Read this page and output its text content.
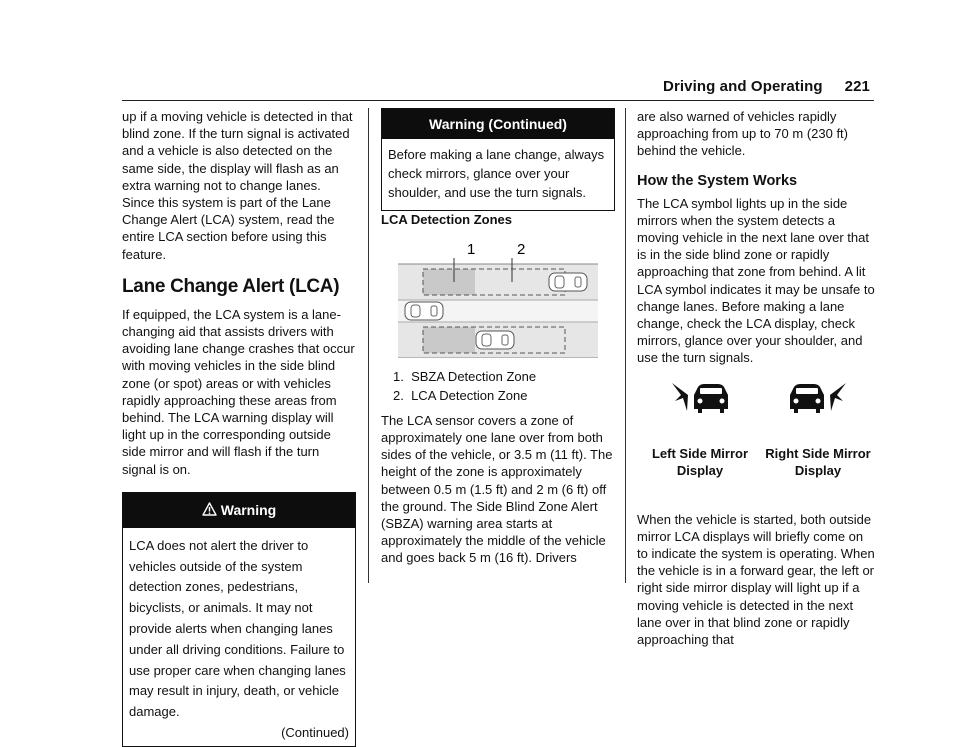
Driving and Operating 221

up if a moving vehicle is detected in that blind zone. If the turn signal is activated and a vehicle is also detected on the same side, the display will flash as an extra warning not to change lanes. Since this system is part of the Lane Change Alert (LCA) system, read the entire LCA section before using this feature.

Lane Change Alert (LCA)

If equipped, the LCA system is a lane-changing aid that assists drivers with avoiding lane change crashes that occur with moving vehicles in the side blind zone (or spot) areas or with vehicles rapidly approaching these areas from behind. The LCA warning display will light up in the corresponding outside side mirror and will flash if the turn signal is on.

Warning
LCA does not alert the driver to vehicles outside of the system detection zones, pedestrians, bicyclists, or animals. It may not provide alerts when changing lanes under all driving conditions. Failure to use proper care when changing lanes may result in injury, death, or vehicle damage.
(Continued)
Warning (Continued)
Before making a lane change, always check mirrors, glance over your shoulder, and use the turn signals.

LCA Detection Zones

1	2
1. SBZA Detection Zone
2. LCA Detection Zone

The LCA sensor covers a zone of approximately one lane over from both sides of the vehicle, or 3.5 m (11 ft). The height of the zone is approximately between 0.5 m (1.5 ft) and 2 m (6 ft) off the ground. The Side Blind Zone Alert (SBZA) warning area starts at approximately the middle of the vehicle and goes back 5 m (16 ft). Drivers

are also warned of vehicles rapidly approaching from up to 70 m (230 ft) behind the vehicle.

How the System Works

The LCA symbol lights up in the side mirrors when the system detects a moving vehicle in the next lane over that is in the side blind zone or rapidly approaching that zone from behind. A lit LCA symbol indicates it may be unsafe to change lanes. Before making a lane change, check the LCA display, check mirrors, glance over your shoulder, and use the turn signals.

Left Side Mirror Display
Right Side Mirror Display

When the vehicle is started, both outside mirror LCA displays will briefly come on to indicate the system is operating. When the vehicle is in a forward gear, the left or right side mirror display will light up if a moving vehicle is detected in the next lane over in that blind zone or rapidly approaching that
